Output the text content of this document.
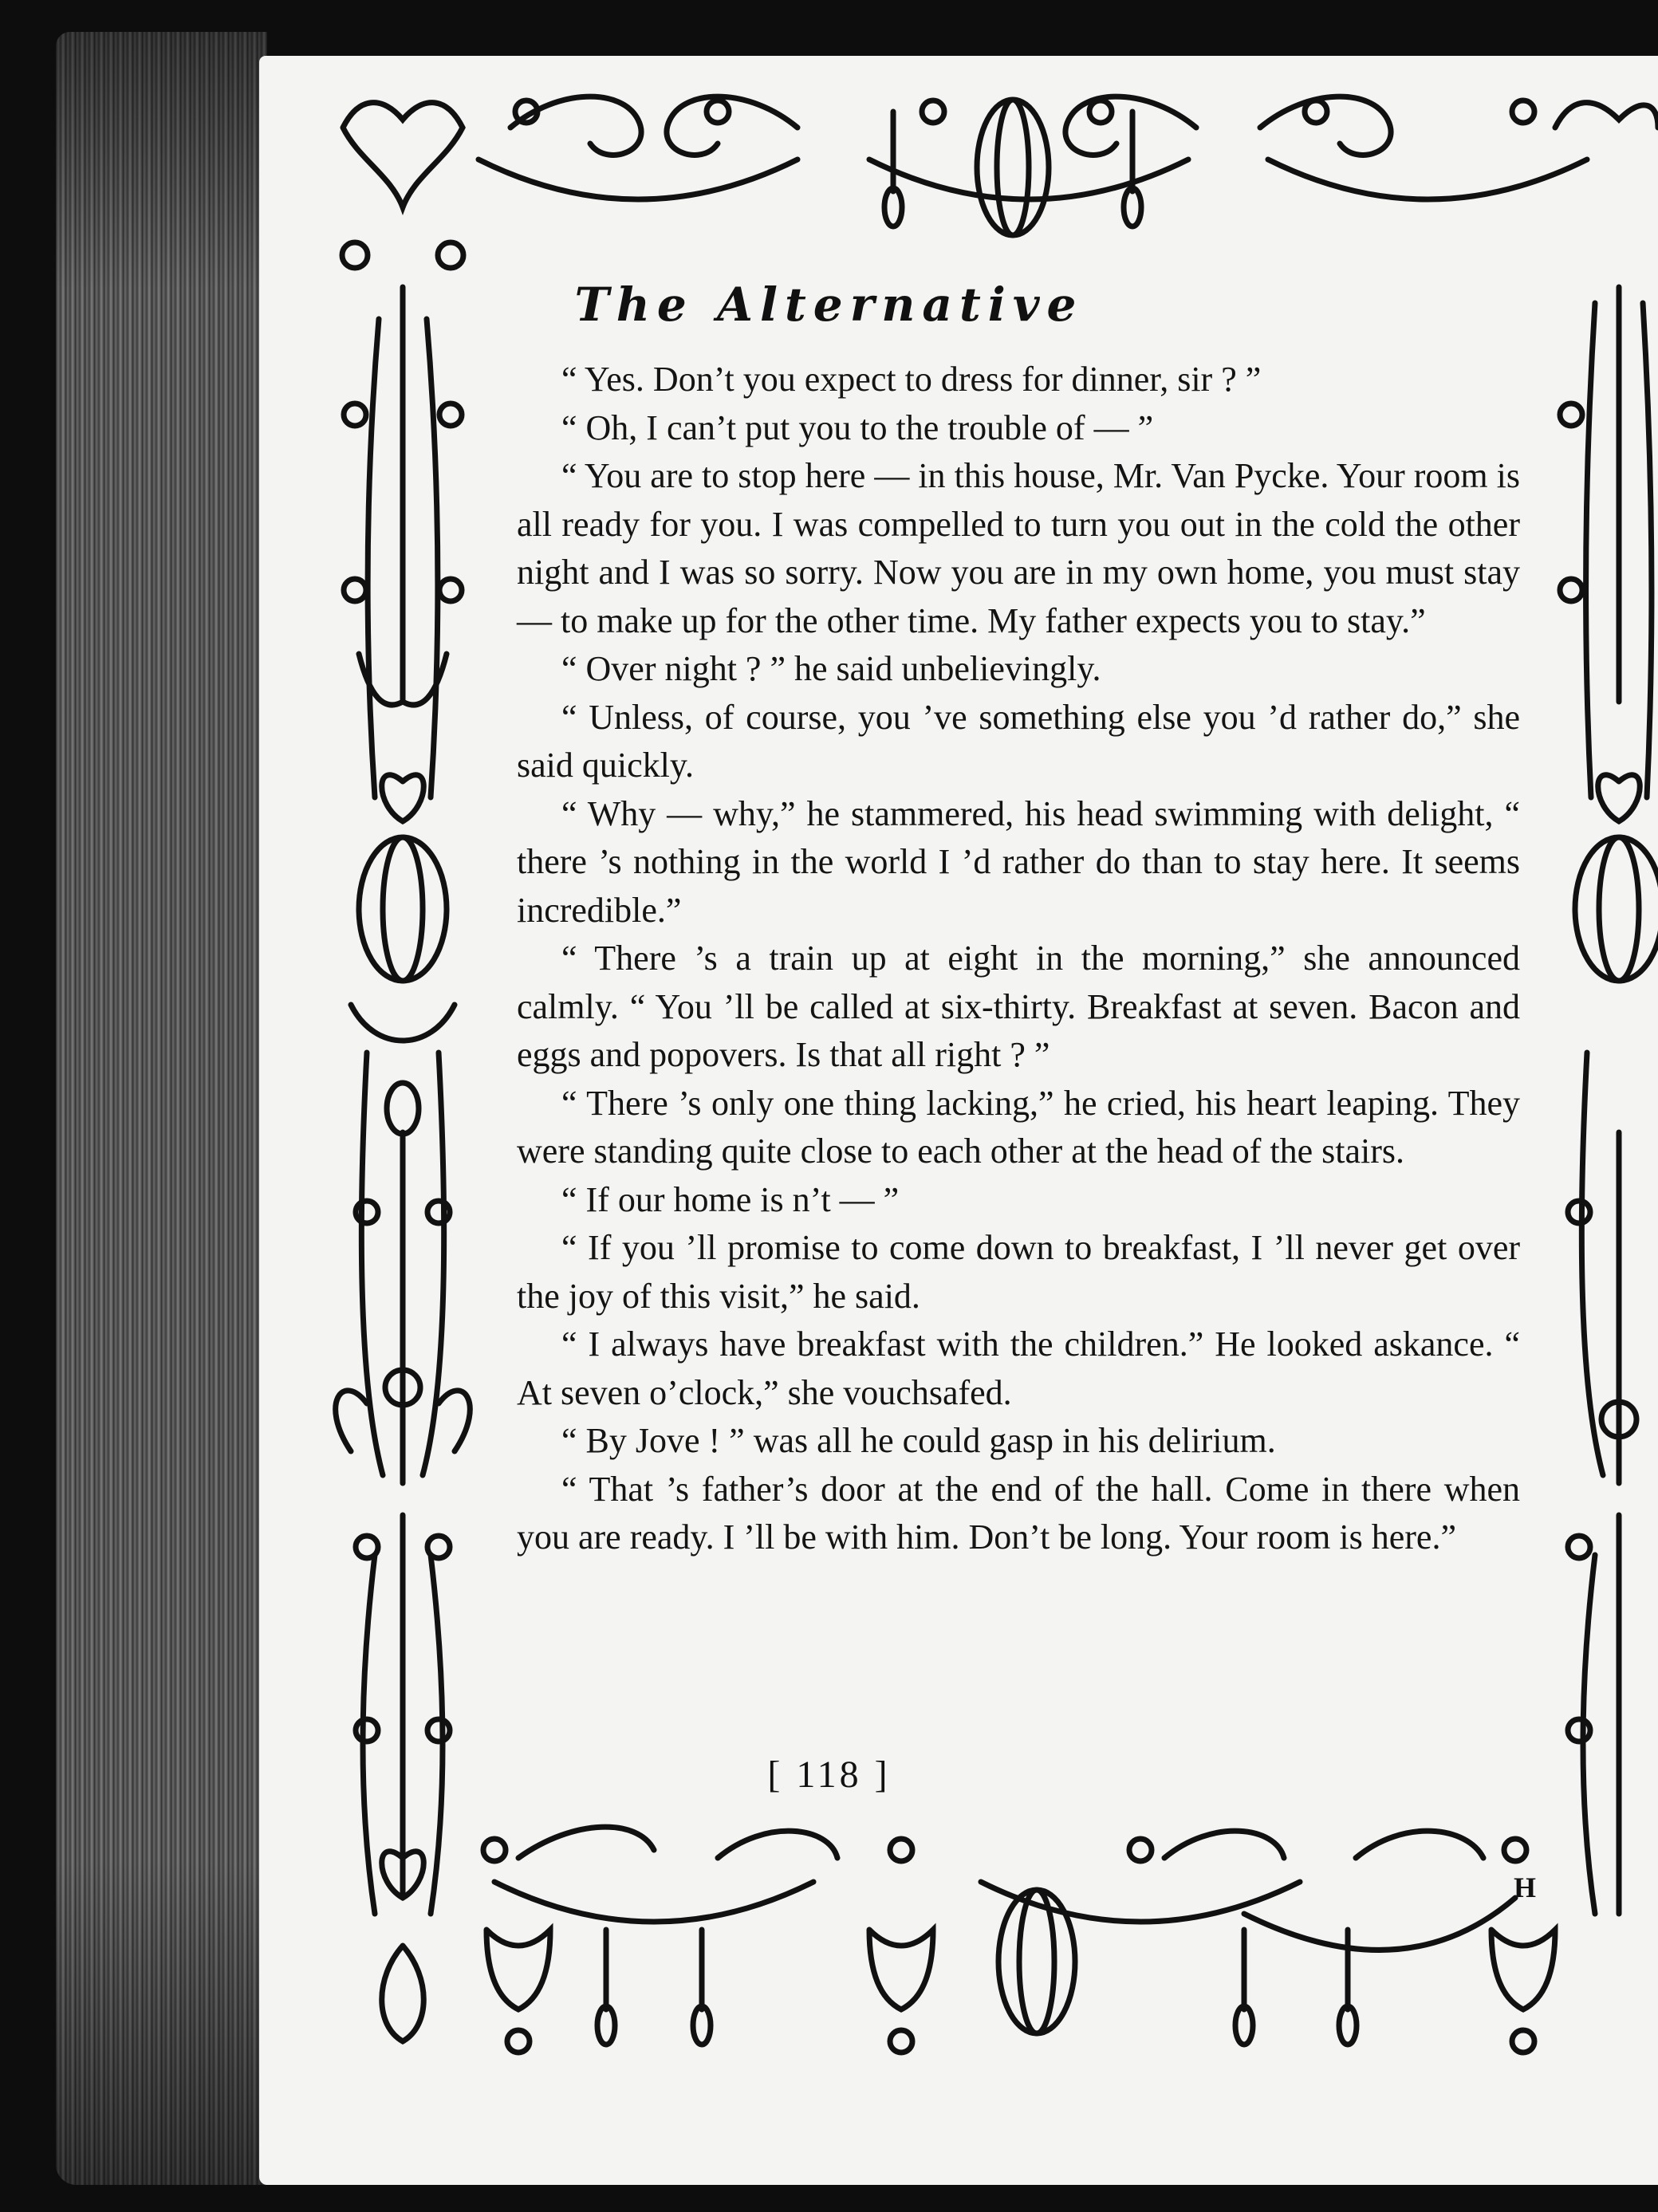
The Alternative

“ Yes. Don’t you expect to dress for dinner, sir ? ”

“ Oh, I can’t put you to the trouble of — ”

“ You are to stop here — in this house, Mr. Van Pycke. Your room is all ready for you. I was compelled to turn you out in the cold the other night and I was so sorry. Now you are in my own home, you must stay — to make up for the other time. My father expects you to stay.”

“ Over night ? ” he said unbelievingly.

“ Unless, of course, you ’ve something else you ’d rather do,” she said quickly.

“ Why — why,” he stammered, his head swimming with delight, “ there ’s nothing in the world I ’d rather do than to stay here. It seems incredible.”

“ There ’s a train up at eight in the morning,” she announced calmly. “ You ’ll be called at six-thirty. Breakfast at seven. Bacon and eggs and popovers. Is that all right ? ”

“ There ’s only one thing lacking,” he cried, his heart leaping. They were standing quite close to each other at the head of the stairs.

“ If our home is n’t — ”

“ If you ’ll promise to come down to breakfast, I ’ll never get over the joy of this visit,” he said.

“ I always have breakfast with the children.” He looked askance. “ At seven o’clock,” she vouchsafed.

“ By Jove ! ” was all he could gasp in his delirium.

“ That ’s father’s door at the end of the hall. Come in there when you are ready. I ’ll be with him. Don’t be long. Your room is here.”

[ 118 ]
H
